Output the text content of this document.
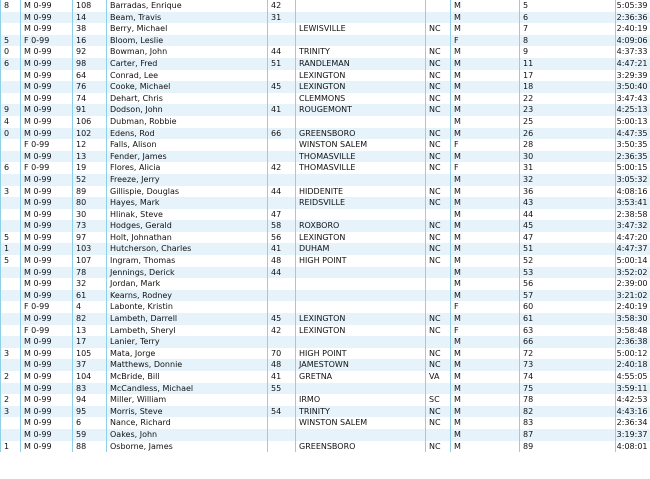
8	M 0-99	108	Barradas, Enrique	42			M	5	5:05:39
	M 0-99	14	Beam, Travis	31			M	6	2:36:36
	M 0-99	38	Berry, Michael		LEWISVILLE	NC	M	7	2:40:19
5	F 0-99	16	Bloom, Leslie				F	8	4:09:06
0	M 0-99	92	Bowman, John	44	TRINITY	NC	M	9	4:37:33
6	M 0-99	98	Carter, Fred	51	RANDLEMAN	NC	M	11	4:47:21
	M 0-99	64	Conrad, Lee		LEXINGTON	NC	M	17	3:29:39
	M 0-99	76	Cooke, Michael	45	LEXINGTON	NC	M	18	3:50:40
	M 0-99	74	Dehart, Chris		CLEMMONS	NC	M	22	3:47:43
9	M 0-99	91	Dodson, John	41	ROUGEMONT	NC	M	23	4:25:13
4	M 0-99	106	Dubman, Robbie				M	25	5:00:13
0	M 0-99	102	Edens, Rod	66	GREENSBORO	NC	M	26	4:47:35
	F 0-99	12	Falls, Alison		WINSTON SALEM	NC	F	28	3:50:35
	M 0-99	13	Fender, James		THOMASVILLE	NC	M	30	2:36:35
6	F 0-99	19	Flores, Alicia	42	THOMASVILLE	NC	F	31	5:00:15
	M 0-99	52	Freeze, Jerry				M	32	3:05:32
3	M 0-99	89	Gillispie, Douglas	44	HIDDENITE	NC	M	36	4:08:16
	M 0-99	80	Hayes, Mark		REIDSVILLE	NC	M	43	3:53:41
	M 0-99	30	Hlinak, Steve	47			M	44	2:38:58
	M 0-99	73	Hodges, Gerald	58	ROXBORO	NC	M	45	3:47:32
5	M 0-99	97	Holt, Johnathan	56	LEXINGTON	NC	M	47	4:47:20
1	M 0-99	103	Hutcherson, Charles	41	DUHAM	NC	M	51	4:47:37
5	M 0-99	107	Ingram, Thomas	48	HIGH POINT	NC	M	52	5:00:14
	M 0-99	78	Jennings, Derick	44			M	53	3:52:02
	M 0-99	32	Jordan, Mark				M	56	2:39:00
	M 0-99	61	Kearns, Rodney				M	57	3:21:02
	F 0-99	4	Labonte, Kristin				F	60	2:40:19
	M 0-99	82	Lambeth, Darrell	45	LEXINGTON	NC	M	61	3:58:30
	F 0-99	13	Lambeth, Sheryl	42	LEXINGTON	NC	F	63	3:58:48
	M 0-99	17	Lanier, Terry				M	66	2:36:38
3	M 0-99	105	Mata, Jorge	70	HIGH POINT	NC	M	72	5:00:12
	M 0-99	37	Matthews, Donnie	48	JAMESTOWN	NC	M	73	2:40:18
2	M 0-99	104	McBride, Bill	41	GRETNA	VA	M	74	4:55:05
	M 0-99	83	McCandless, Michael	55			M	75	3:59:11
2	M 0-99	94	Miller, William		IRMO	SC	M	78	4:42:53
3	M 0-99	95	Morris, Steve	54	TRINITY	NC	M	82	4:43:16
	M 0-99	6	Nance, Richard		WINSTON SALEM	NC	M	83	2:36:34
	M 0-99	59	Oakes, John				M	87	3:19:37
1	M 0-99	88	Osborne, James		GREENSBORO	NC	M	89	4:08:01
